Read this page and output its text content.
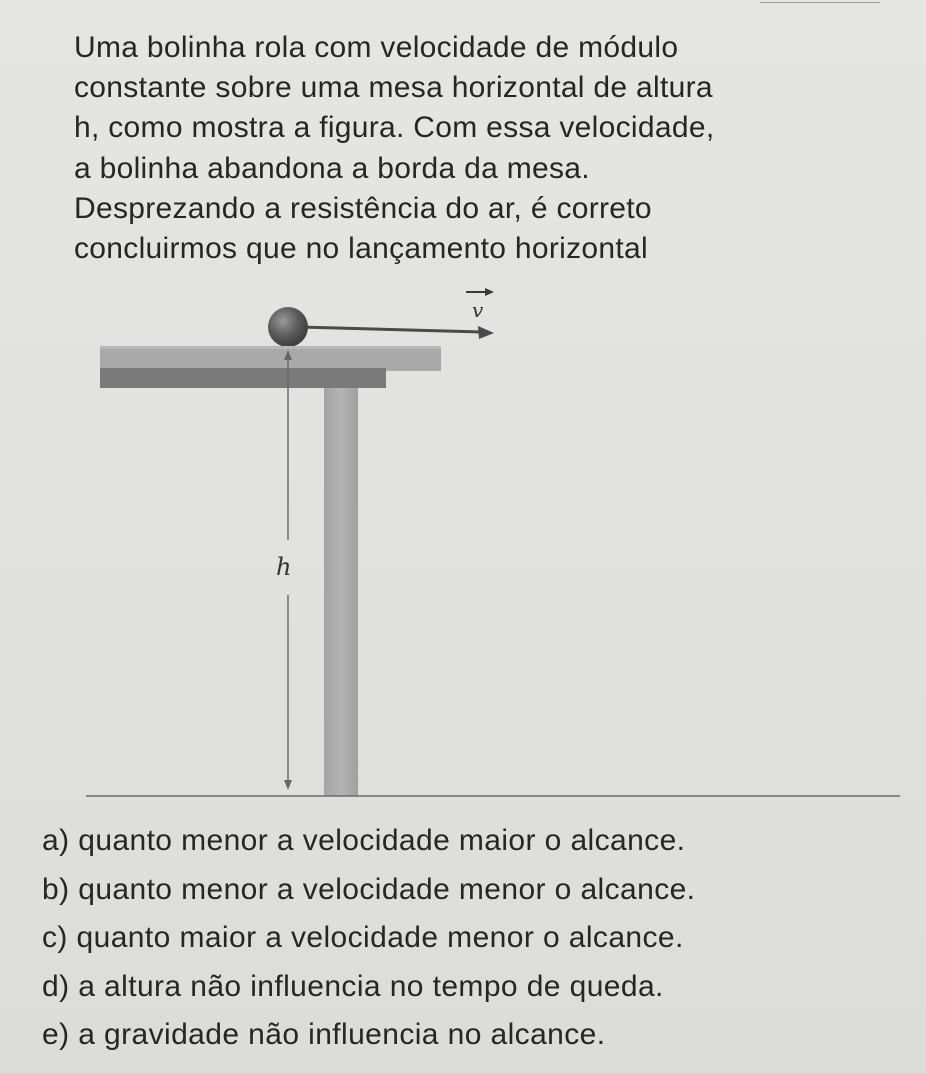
Uma bolinha rola com velocidade de módulo
constante sobre uma mesa horizontal de altura
h, como mostra a figura. Com essa velocidade,
a bolinha abandona a borda da mesa.
Desprezando a resistência do ar, é correto
concluirmos que no lançamento horizontal
v
h
a) quanto menor a velocidade maior o alcance.
b) quanto menor a velocidade menor o alcance.
c) quanto maior a velocidade menor o alcance.
d) a altura não influencia no tempo de queda.
e) a gravidade não influencia no alcance.
